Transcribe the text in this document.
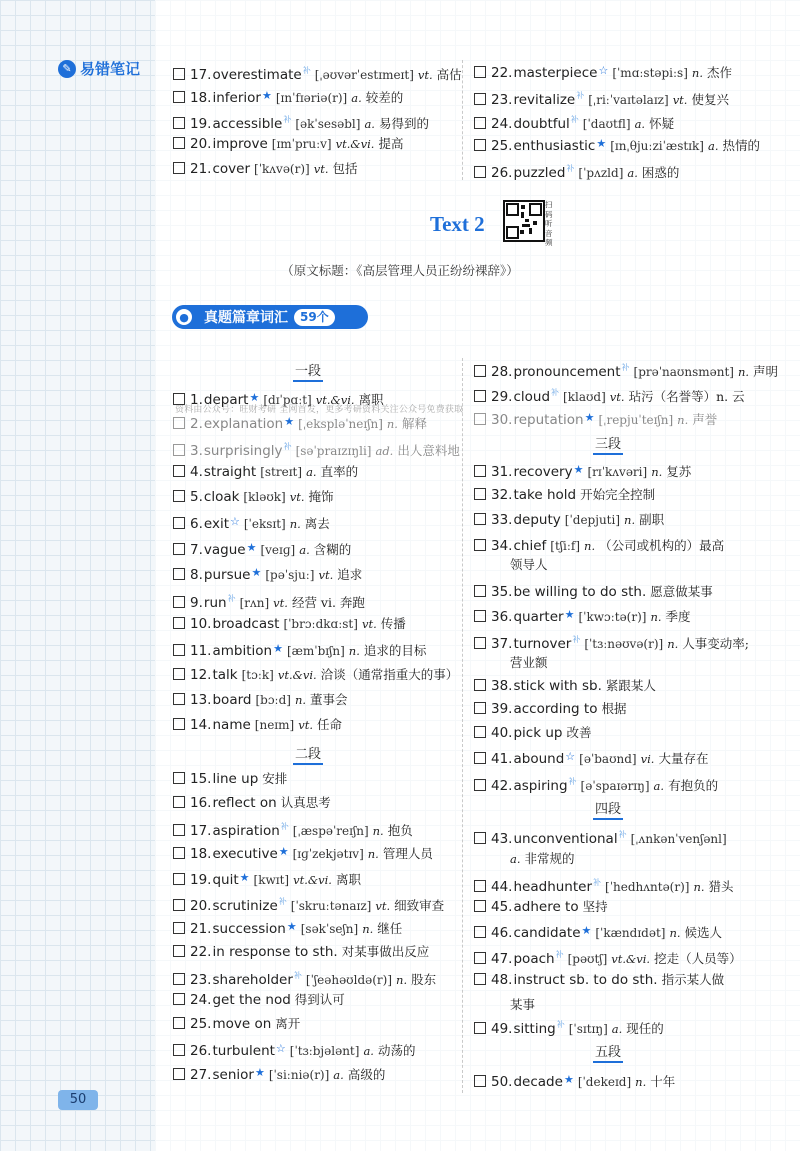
✎ 易错笔记	17.overestimate$^补$ [ˌəʊvərˈestɪmeɪt] vt. 高估
18.inferior★ [ɪnˈfɪəriə(r)] a. 较差的
19.accessible$^补$ [əkˈsesəbl] a. 易得到的
20.improve [ɪmˈpruːv] vt.&vi. 提高
21.cover [ˈkʌvə(r)] vt. 包括
22.masterpiece☆ [ˈmɑːstəpiːs] n. 杰作
23.revitalize$^补$ [ˌriːˈvaɪtəlaɪz] vt. 使复兴
24.doubtful$^补$ [ˈdaʊtfl] a. 怀疑
25.enthusiastic★ [ɪnˌθjuːziˈæstɪk] a. 热情的
26.puzzled$^补$ [ˈpʌzld] a. 困惑的
Text 2
扫码听音频
（原文标题：《高层管理人员正纷纷裸辞》）
●	真题篇章词汇	59个
资料由公众号：旺财考研 全网首发，更多考研资料关注公众号免费获取
一段
二段
三段
四段
五段
1.depart★ [dɪˈpɑːt] vt.&vi. 离职
2.explanation★ [ˌekspləˈneɪʃn] n. 解释
3.surprisingly$^补$ [səˈpraɪzɪŋli] ad. 出人意料地
4.straight [streɪt] a. 直率的
5.cloak [kləʊk] vt. 掩饰
6.exit☆ [ˈeksɪt] n. 离去
7.vague★ [veɪɡ] a. 含糊的
8.pursue★ [pəˈsjuː] vt. 追求
9.run$^补$ [rʌn] vt. 经营 vi. 奔跑
10.broadcast [ˈbrɔːdkɑːst] vt. 传播
11.ambition★ [æmˈbɪʃn] n. 追求的目标
12.talk [tɔːk] vt.&vi. 洽谈（通常指重大的事）
13.board [bɔːd] n. 董事会
14.name [neɪm] vt. 任命
15.line up 安排
16.reflect on 认真思考
17.aspiration$^补$ [ˌæspəˈreɪʃn] n. 抱负
18.executive★ [ɪɡˈzekjətɪv] n. 管理人员
19.quit★ [kwɪt] vt.&vi. 离职
20.scrutinize$^补$ [ˈskruːtənaɪz] vt. 细致审查
21.succession★ [səkˈseʃn] n. 继任
22.in response to sth. 对某事做出反应
23.shareholder$^补$ [ˈʃeəhəʊldə(r)] n. 股东
24.get the nod 得到认可
25.move on 离开
26.turbulent☆ [ˈtɜːbjələnt] a. 动荡的
27.senior★ [ˈsiːniə(r)] a. 高级的
28.pronouncement$^补$ [prəˈnaʊnsmənt] n. 声明
29.cloud$^补$ [klaʊd] vt. 玷污（名誉等）n. 云
30.reputation★ [ˌrepjuˈteɪʃn] n. 声誉
31.recovery★ [rɪˈkʌvəri] n. 复苏
32.take hold 开始完全控制
33.deputy [ˈdepjuti] n. 副职
34.chief [tʃiːf] n. （公司或机构的）最高
35.be willing to do sth. 愿意做某事
36.quarter★ [ˈkwɔːtə(r)] n. 季度
37.turnover$^补$ [ˈtɜːnəʊvə(r)] n. 人事变动率;
38.stick with sb. 紧跟某人
39.according to 根据
40.pick up 改善
41.abound☆ [əˈbaʊnd] vi. 大量存在
42.aspiring$^补$ [əˈspaɪərɪŋ] a. 有抱负的
43.unconventional$^补$ [ˌʌnkənˈvenʃənl]
44.headhunter$^补$ [ˈhedhʌntə(r)] n. 猎头
45.adhere to 坚持
46.candidate★ [ˈkændɪdət] n. 候选人
47.poach$^补$ [pəʊtʃ] vt.&vi. 挖走（人员等）
48.instruct sb. to do sth. 指示某人做
49.sitting$^补$ [ˈsɪtɪŋ] a. 现任的
50.decade★ [ˈdekeɪd] n. 十年
领导人
营业额
a. 非常规的
某事
50
